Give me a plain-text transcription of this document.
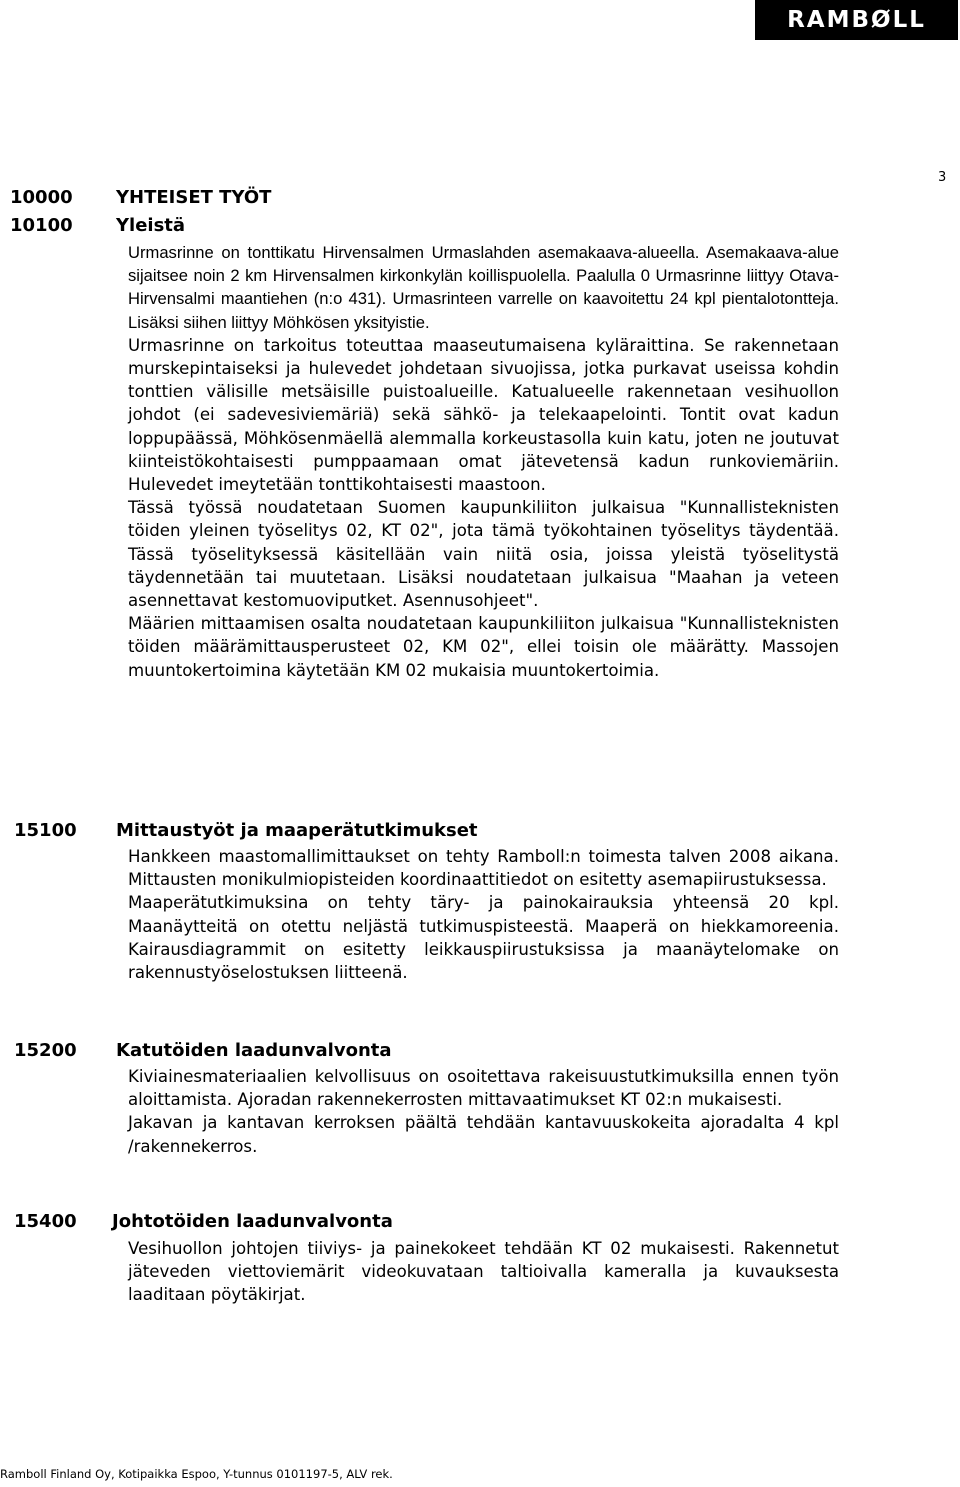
RAMBØLL
3
10000 YHTEISET TYÖT
10100 Yleistä

Urmasrinne on tonttikatu Hirvensalmen Urmaslahden asemakaava-alueella. Asemakaava-alue sijaitsee noin 2 km Hirvensalmen kirkonkylän koillispuolella. Paalulla 0 Urmasrinne liittyy Otava-Hirvensalmi maantiehen (n:o 431). Urmasrinteen varrelle on kaavoitettu 24 kpl pientalotontteja. Lisäksi siihen liittyy Möhkösen yksityistie.

Urmasrinne on tarkoitus toteuttaa maaseutumaisena kyläraittina. Se rakennetaan murskepintaiseksi ja hulevedet johdetaan sivuojissa, jotka purkavat useissa kohdin tonttien välisille metsäisille puistoalueille. Katualueelle rakennetaan vesihuollon johdot (ei sadevesiviemäriä) sekä sähkö- ja telekaapelointi. Tontit ovat kadun loppupäässä, Möhkösenmäellä alemmalla korkeustasolla kuin katu, joten ne joutuvat kiinteistökohtaisesti pumppaamaan omat jätevetensä kadun runkoviemäriin. Hulevedet imeytetään tonttikohtaisesti maastoon.

Tässä työssä noudatetaan Suomen kaupunkiliiton julkaisua "Kunnallisteknisten töiden yleinen työselitys 02, KT 02", jota tämä työkohtainen työselitys täydentää. Tässä työselityksessä käsitellään vain niitä osia, joissa yleistä työselitystä täydennetään tai muutetaan. Lisäksi noudatetaan julkaisua "Maahan ja veteen asennettavat kestomuoviputket. Asennusohjeet".

Määrien mittaamisen osalta noudatetaan kaupunkiliiton julkaisua "Kunnallisteknisten töiden määrämittausperusteet 02, KM 02", ellei toisin ole määrätty. Massojen muuntokertoimina käytetään KM 02 mukaisia muuntokertoimia.

15100 Mittaustyöt ja maaperätutkimukset

Hankkeen maastomallimittaukset on tehty Ramboll:n toimesta talven 2008 aikana. Mittausten monikulmiopisteiden koordinaattitiedot on esitetty asemapiirustuksessa.

Maaperätutkimuksina on tehty täry- ja painokairauksia yhteensä 20 kpl. Maanäytteitä on otettu neljästä tutkimuspisteestä. Maaperä on hiekkamoreenia. Kairausdiagrammit on esitetty leikkauspiirustuksissa ja maanäytelomake on rakennustyöselostuksen liitteenä.

15200 Katutöiden laadunvalvonta

Kiviainesmateriaalien kelvollisuus on osoitettava rakeisuustutkimuksilla ennen työn aloittamista. Ajoradan rakennekerrosten mittavaatimukset KT 02:n mukaisesti.

Jakavan ja kantavan kerroksen päältä tehdään kantavuuskokeita ajoradalta 4 kpl /rakennekerros.

15400 Johtotöiden laadunvalvonta

Vesihuollon johtojen tiiviys- ja painekokeet tehdään KT 02 mukaisesti. Rakennetut jäteveden viettoviemärit videokuvataan taltioivalla kameralla ja kuvauksesta laaditaan pöytäkirjat.

Ramboll Finland Oy, Kotipaikka Espoo, Y-tunnus 0101197-5, ALV rek.
